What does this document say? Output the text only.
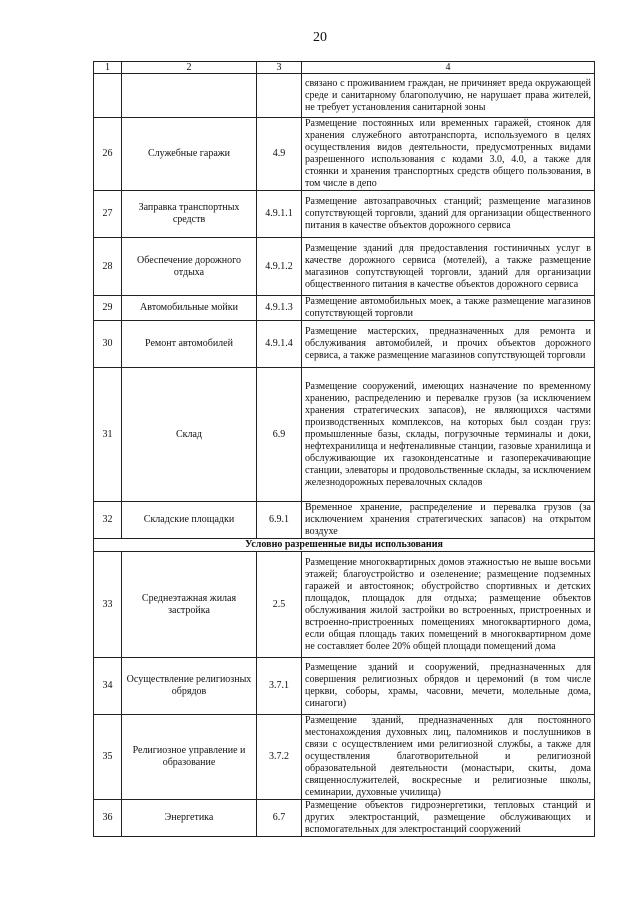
20
1	2	3	4
			связано с проживанием граждан, не причиняет вреда окружающей среде и санитарному благополучию, не нарушает права жителей, не требует установления санитарной зоны
26	Служебные гаражи	4.9	Размещение постоянных или временных гаражей, стоянок для хранения служебного автотранспорта, используемого в целях осуществления видов деятельности, предусмотренных видами разрешенного использования с кодами 3.0, 4.0, а также для стоянки и хранения транспортных средств общего пользования, в том числе в депо
27	Заправка транспортных средств	4.9.1.1	Размещение автозаправочных станций; размещение магазинов сопутствующей торговли, зданий для организации общественного питания в качестве объектов дорожного сервиса
28	Обеспечение дорожного отдыха	4.9.1.2	Размещение зданий для предоставления гостиничных услуг в качестве дорожного сервиса (мотелей), а также размещение магазинов сопутствующей торговли, зданий для организации общественного питания в качестве объектов дорожного сервиса
29	Автомобильные мойки	4.9.1.3	Размещение автомобильных моек, а также размещение магазинов сопутствующей торговли
30	Ремонт автомобилей	4.9.1.4	Размещение мастерских, предназначенных для ремонта и обслуживания автомобилей, и прочих объектов дорожного сервиса, а также размещение магазинов сопутствующей торговли
31	Склад	6.9	Размещение сооружений, имеющих назначение по временному хранению, распределению и перевалке грузов (за исключением хранения стратегических запасов), не являющихся частями производственных комплексов, на которых был создан груз: промышленные базы, склады, погрузочные терминалы и доки, нефтехранилища и нефтеналивные станции, газовые хранилища и обслуживающие их газоконденсатные и газоперекачивающие станции, элеваторы и продовольственные склады, за исключением железнодорожных перевалочных складов
32	Складские площадки	6.9.1	Временное хранение, распределение и перевалка грузов (за исключением хранения стратегических запасов) на открытом воздухе
Условно разрешенные виды использования			
33	Среднеэтажная жилая застройка	2.5	Размещение многоквартирных домов этажностью не выше восьми этажей; благоустройство и озеленение; размещение подземных гаражей и автостоянок; обустройство спортивных и детских площадок, площадок для отдыха; размещение объектов обслуживания жилой застройки во встроенных, пристроенных и встроенно-пристроенных помещениях многоквартирного дома, если общая площадь таких помещений в многоквартирном доме не составляет более 20% общей площади помещений дома
34	Осуществление религиозных обрядов	3.7.1	Размещение зданий и сооружений, предназначенных для совершения религиозных обрядов и церемоний (в том числе церкви, соборы, храмы, часовни, мечети, молельные дома, синагоги)
35	Религиозное управление и образование	3.7.2	Размещение зданий, предназначенных для постоянного местонахождения духовных лиц, паломников и послушников в связи с осуществлением ими религиозной службы, а также для осуществления благотворительной и религиозной образовательной деятельности (монастыри, скиты, дома священнослужителей, воскресные и религиозные школы, семинарии, духовные училища)
36	Энергетика	6.7	Размещение объектов гидроэнергетики, тепловых станций и других электростанций, размещение обслуживающих и вспомогательных для электростанций сооружений
